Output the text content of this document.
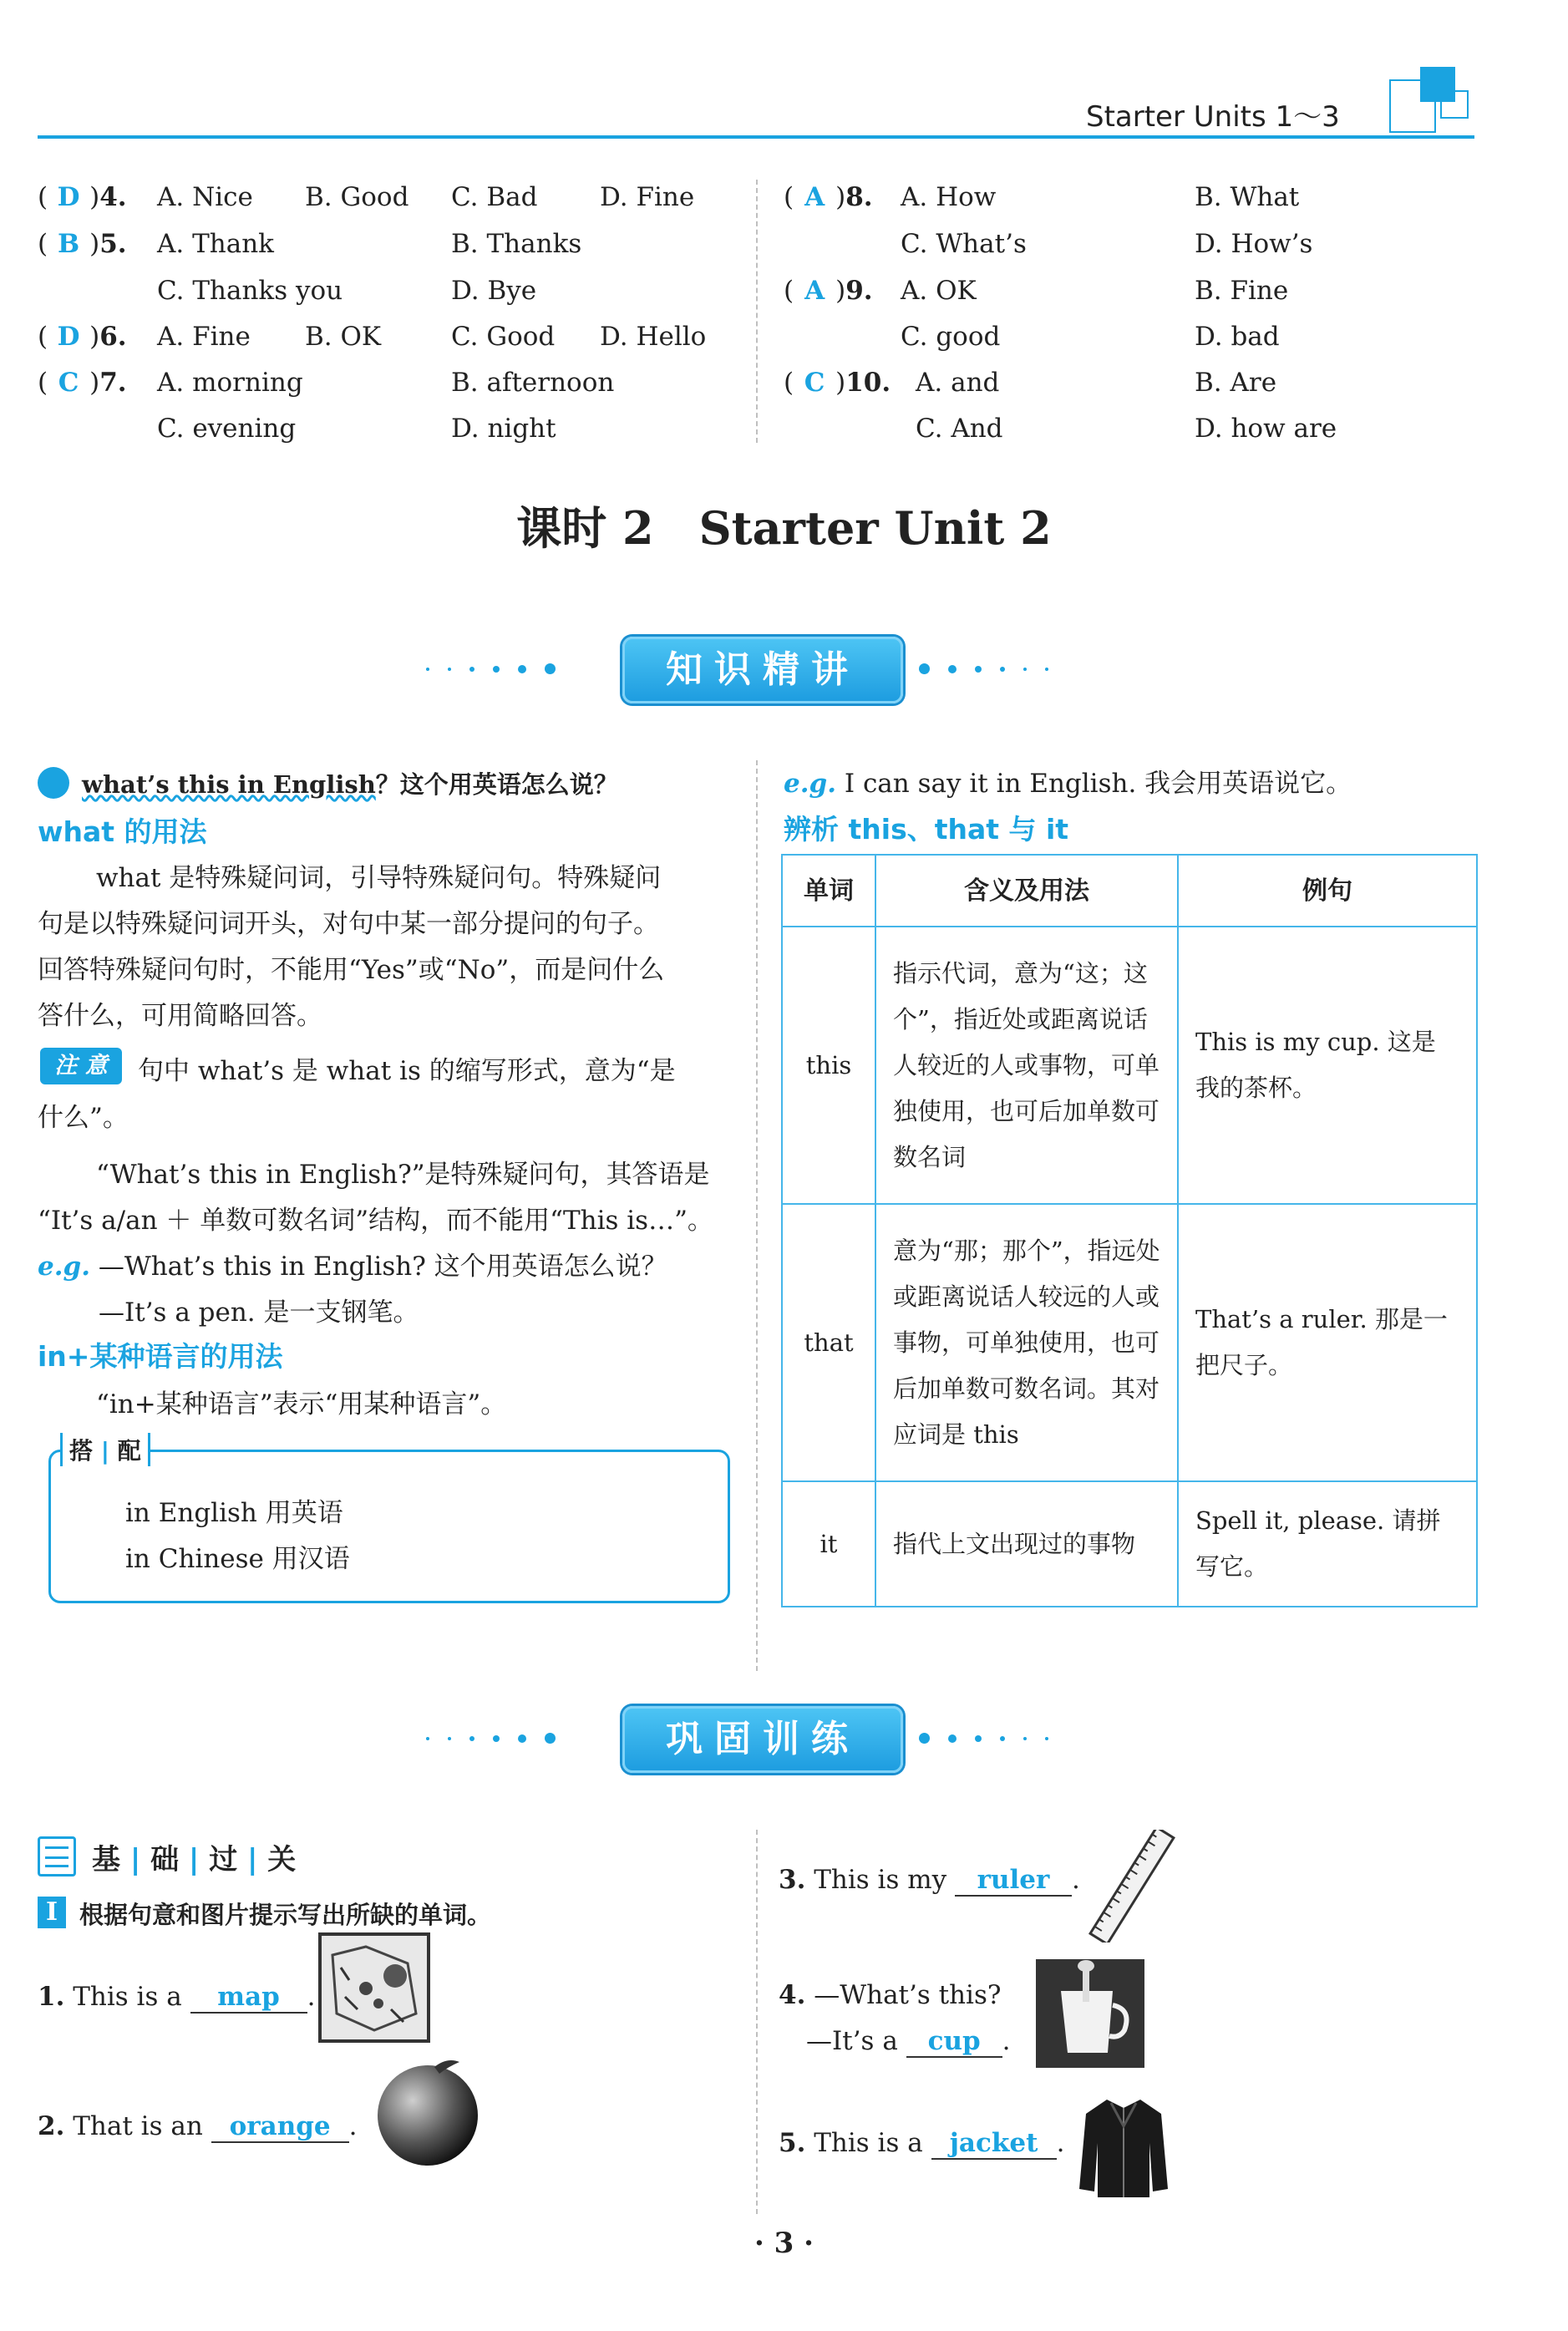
Starter Units 1～3
( D )4. A. Nice B. Good C. Bad D. Fine
( B )5. A. Thank	B. Thanks
C. Thanks you	D. Bye
( D )6. A. Fine B. OK	C. Good D. Hello
( C )7. A. morning	B. afternoon
C. evening	D. night
( A )8. A. How	B. What
C. What’s	D. How’s
( A )9. A. OK	B. Fine
C. good	D. bad
( C )10. A. and	B. Are
C. And	D. how are
课时 2　Starter Unit 2
知识精讲
what’s this in English？这个用英语怎么说？
what 的用法
what 是特殊疑问词，引导特殊疑问句。特殊疑问
句是以特殊疑问词开头，对句中某一部分提问的句子。
回答特殊疑问句时，不能用“Yes”或“No”，而是问什么
答什么，可用简略回答。
注 意	句中 what’s 是 what is 的缩写形式，意为“是
什么”。
“What’s this in English?”是特殊疑问句，其答语是
“It’s a/an ＋ 单数可数名词”结构，而不能用“This is…”。
e.g. —What’s this in English? 这个用英语怎么说？
—It’s a pen. 是一支钢笔。
in+某种语言的用法
“in+某种语言”表示“用某种语言”。
搭 | 配
in English 用英语
in Chinese 用汉语
e.g. I can say it in English. 我会用英语说它。
辨析 this、that 与 it
单词	含义及用法	例句
this	指示代词，意为“这；这个”，指近处或距离说话人较近的人或事物，可单独使用，也可后加单数可数名词	This is my cup. 这是我的茶杯。
that	意为“那；那个”，指远处或距离说话人较远的人或事物，可单独使用，也可后加单数可数名词。其对应词是 this	That’s a ruler. 那是一把尺子。
it	指代上文出现过的事物	Spell it, please. 请拼写它。
巩固训练
基 | 础 | 过 | 关
I 根据句意和图片提示写出所缺的单词。
1. This is a map .
2. That is an orange .
3. This is my ruler .
4. —What’s this?
—It’s a cup .
5. This is a jacket .
· 3 ·
